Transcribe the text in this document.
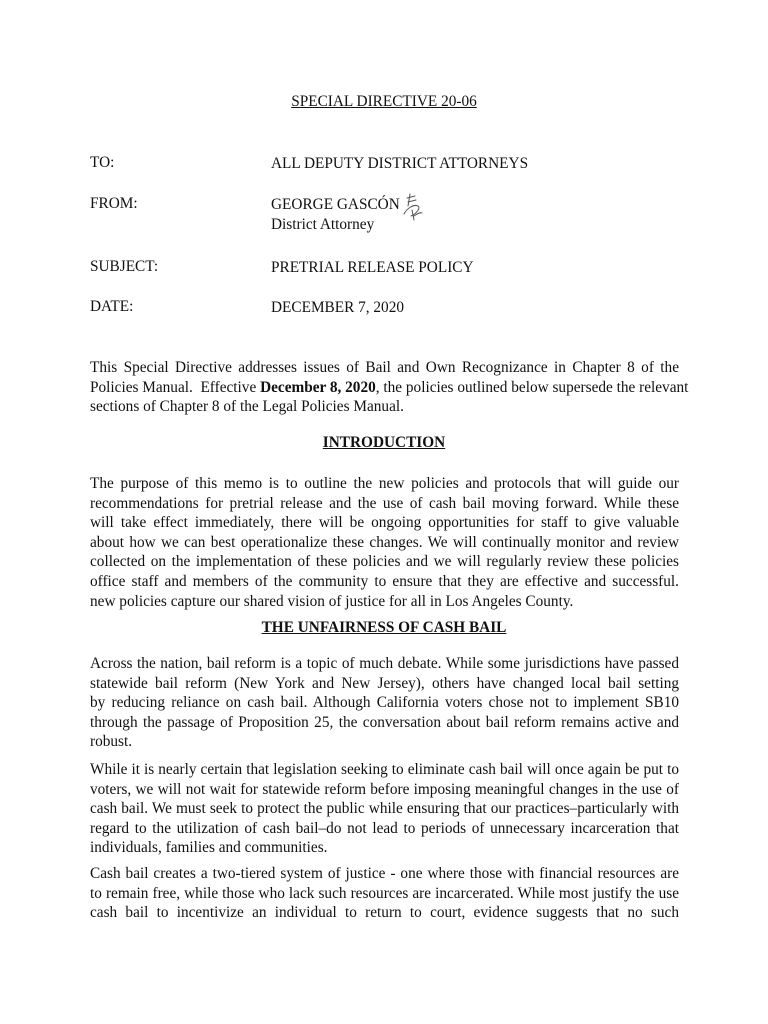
SPECIAL DIRECTIVE 20-06
TO:	ALL DEPUTY DISTRICT ATTORNEYS
FROM:	GEORGE GASCÓN
District Attorney
SUBJECT:	PRETRIAL RELEASE POLICY
DATE:	DECEMBER 7, 2020
This Special Directive addresses issues of Bail and Own Recognizance in Chapter 8 of the
Policies Manual.  Effective December 8, 2020, the policies outlined below supersede the relevant
sections of Chapter 8 of the Legal Policies Manual.
INTRODUCTION
The purpose of this memo is to outline the new policies and protocols that will guide our
recommendations for pretrial release and the use of cash bail moving forward. While these
will take effect immediately, there will be ongoing opportunities for staff to give valuable
about how we can best operationalize these changes. We will continually monitor and review
collected on the implementation of these policies and we will regularly review these policies
office staff and members of the community to ensure that they are effective and successful.
new policies capture our shared vision of justice for all in Los Angeles County.
THE UNFAIRNESS OF CASH BAIL
Across the nation, bail reform is a topic of much debate. While some jurisdictions have passed
statewide bail reform (New York and New Jersey), others have changed local bail setting
by reducing reliance on cash bail. Although California voters chose not to implement SB10
through the passage of Proposition 25, the conversation about bail reform remains active and
robust.
While it is nearly certain that legislation seeking to eliminate cash bail will once again be put to
voters, we will not wait for statewide reform before imposing meaningful changes in the use of
cash bail. We must seek to protect the public while ensuring that our practices–particularly with
regard to the utilization of cash bail–do not lead to periods of unnecessary incarceration that
individuals, families and communities.
Cash bail creates a two-tiered system of justice - one where those with financial resources are
to remain free, while those who lack such resources are incarcerated. While most justify the use
cash bail to incentivize an individual to return to court, evidence suggests that no such
